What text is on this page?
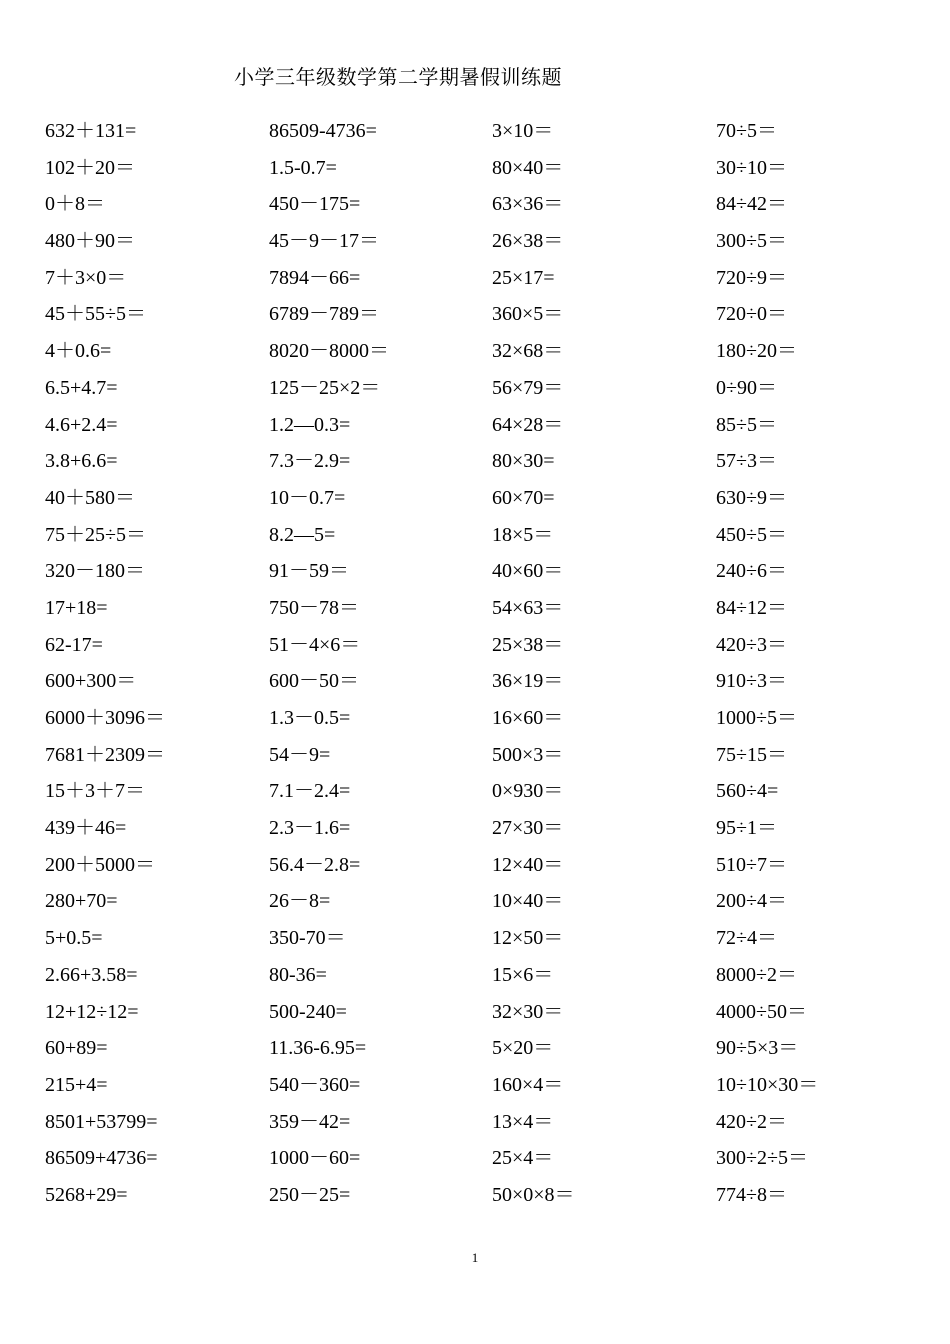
小学三年级数学第二学期暑假训练题
632＋131=	86509-4736=	3×10＝	70÷5＝
102＋20＝	1.5-0.7=	80×40＝	30÷10＝
0＋8＝	450－175=	63×36＝	84÷42＝
480＋90＝	45－9－17＝	26×38＝	300÷5＝
7＋3×0＝	7894－66=	25×17=	720÷9＝
45＋55÷5＝	6789－789＝	360×5＝	720÷0＝
4＋0.6=	8020－8000＝	32×68＝	180÷20＝
6.5+4.7=	125－25×2＝	56×79＝	0÷90＝
4.6+2.4=	1.2—0.3=	64×28＝	85÷5＝
3.8+6.6=	7.3－2.9=	80×30=	57÷3＝
40＋580＝	10－0.7=	60×70=	630÷9＝
75＋25÷5＝	8.2—5=	18×5＝	450÷5＝
320－180＝	91－59＝	40×60＝	240÷6＝
17+18=	750－78＝	54×63＝	84÷12＝
62-17=	51－4×6＝	25×38＝	420÷3＝
600+300＝	600－50＝	36×19＝	910÷3＝
6000＋3096＝	1.3－0.5=	16×60＝	1000÷5＝
7681＋2309＝	54－9=	500×3＝	75÷15＝
15＋3＋7＝	7.1－2.4=	0×930＝	560÷4=
439＋46=	2.3－1.6=	27×30＝	95÷1＝
200＋5000＝	56.4－2.8=	12×40＝	510÷7＝
280+70=	26－8=	10×40＝	200÷4＝
5+0.5=	350-70＝	12×50＝	72÷4＝
2.66+3.58=	80-36=	15×6＝	8000÷2＝
12+12÷12=	500-240=	32×30＝	4000÷50＝
60+89=	11.36-6.95=	5×20＝	90÷5×3＝
215+4=	540－360=	160×4＝	10÷10×30＝
8501+53799=	359－42=	13×4＝	420÷2＝
86509+4736=	1000－60=	25×4＝	300÷2÷5＝
5268+29=	250－25=	50×0×8＝	774÷8＝
1
